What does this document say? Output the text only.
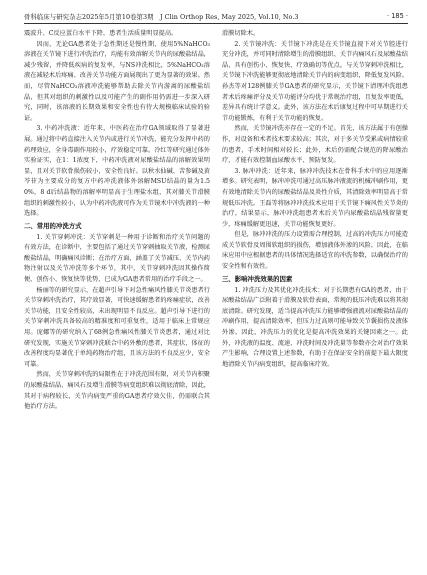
骨科临床与研究杂志2025年5月第10卷第3期　J Clin Orthop Res, May 2025, Vol.10, No.3	· 185 ·

震波升、C反应蛋白水平下降，患者生活质量明显提高。

因而，无论GA患者处于急性期还是慢性期，使用5%NaHCO₃溶液在关节镜下进行冲洗治疗，均能有效溶解关节内的尿酸盐结晶，减少残留，并降低疾病的复发率，与NS冲洗相比，5%NaHCO₃溶液在减轻术后疼痛、改善关节功能方面展现出了更为显著的效果。然而，尽管NaHCO₃溶液冲洗能够帮助去除关节内游离的尿酸盐结晶，但其对组织的刺激性以及可能产生的副作用仍需进一步深入研究，同时，该溶液的长期效果和安全性也有待大规模临床试验的验证。

3. 中药冲洗液：近年来，中医药在治疗GA领域取得了显著进展。通过将中药直接注入关节内或进行关节冲洗，能充分发挥中药的药理效应，全身毒副作用较小，疗效稳定可靠。冷红等研究通过体外实验证实，在1：1浓度下，中药冲洗液对尿酸盐结晶的溶解效果明显，且对关节软骨损伤较小，安全性良好。以秋水仙碱、苦参碱及黄芩苷为主要成分的复方中药冲洗液体外溶解MSU结晶的量为1.50%，8 d后结晶物的溶解率明显高于生理盐水组，其对膝关节滑膜组织的刺激性较小，认为中药冲洗液可作为关节镜术中冲洗液的一种选择。

二、常用的冲洗方式

1. 关节穿刺冲洗：关节穿刺是一种用于诊断和治疗关节问题的有效方法，在诊断中，主要包括了通过关节穿刺抽取关节液，检测尿酸盐结晶，明确痛风诊断；在治疗方面，涵盖了关节减压、关节内药物注射以及关节冲洗等多个环节，其中，关节穿刺冲洗因其操作简便、创伤小、恢复快等优势，已成为GA患者常用的治疗手段之一。

杨丽等的研究显示，在超声引导下对急性痛风性膝关节炎患者行关节穿刺冲洗治疗，其疗效显著，可快速缓解患者的疼痛症状，改善关节功能，且安全性较高，未出现明显不良反应。超声引导下进行的关节穿刺冲洗具备较高的精准度和可重复性，适用于临床上常规应用。庞娜等的研究纳入了68例急性痛风性膝关节炎患者，通过对比研究发现，实施关节穿刺冲洗联合中药外敷的患者，其症状、体征的改善程度均显著优于单纯药物治疗组，且该方法的不良反应少，安全可靠。

然而，关节穿刺冲洗的局限性在于冲洗范围有限，对关节内积聚的尿酸盐结晶、痛风石及增生滑膜等病变组织难以彻底清除，因此，其对于病程较长、关节内病变严重的GA患者疗效欠佳，仍需联合其他治疗方法。

滑膜切除术。

2. 关节镜冲洗：关节镜下冲洗是在关节镜直视下对关节腔进行充分冲洗，并可同时清除增生的滑膜组织、关节内痛风石及尿酸盐结晶，具有创伤小、恢复快、疗效确切等优点。与关节穿刺冲洗相比，关节镜下冲洗能够更彻底地清除关节内的病变组织，降低复发风险。孙杰等对128例膝关节GA患者的研究显示，关节镜下清理冲洗组患者术后疼痛评分及关节功能评分均优于常规治疗组，且复发率更低，差异具有统计学意义。此外，该方法在术后康复过程中可早期进行关节功能锻炼，有利于关节功能的恢复。

然而，关节镜冲洗亦存在一定的不足。首先，该方法属于有创操作，对设备和术者技术要求较高；其次，对于多关节受累或病情较重的患者，手术时间相对较长；此外，术后仍需配合规范的降尿酸治疗，才能有效控制血尿酸水平、预防复发。

3. 脉冲冲洗：近年来，脉冲冲洗技术在骨科手术中的应用逐渐增多。研究表明，脉冲冲洗可通过高压脉冲液流的机械冲刷作用，更有效地清除关节内的尿酸盐结晶及炎性介质，其清除效率明显高于常规低压冲洗。王磊等将脉冲冲洗技术应用于关节镜下痛风性关节炎的治疗，结果显示，脉冲冲洗组患者术后关节内尿酸盐结晶残留量更少，疼痛缓解更迅速，关节功能恢复更好。

但是，脉冲冲洗的压力设置需合理控制，过高的冲洗压力可能造成关节软骨及周围软组织的损伤，增加液体外渗的风险。因此，在临床应用中应根据患者的具体情况选择适宜的冲洗参数，以确保治疗的安全性和有效性。

三、影响冲洗效果的因素

1. 冲洗压力及其优化冲洗技术：对于长期患有GA的患者，由于尿酸盐结晶广泛附着于滑膜及软骨表面，常规的低压冲洗难以将其彻底清除。研究发现，适当提高冲洗压力能够增强液流对尿酸盐结晶的冲刷作用，提高清除效率，但压力过高则可能导致关节囊损伤及液体外渗。因此，冲洗压力的优化是提高冲洗效果的关键因素之一。此外，冲洗液的温度、流速、冲洗时间及冲洗量等参数亦会对治疗效果产生影响，合理设置上述参数，有助于在保证安全的前提下最大限度地清除关节内病变组织，提高临床疗效。
